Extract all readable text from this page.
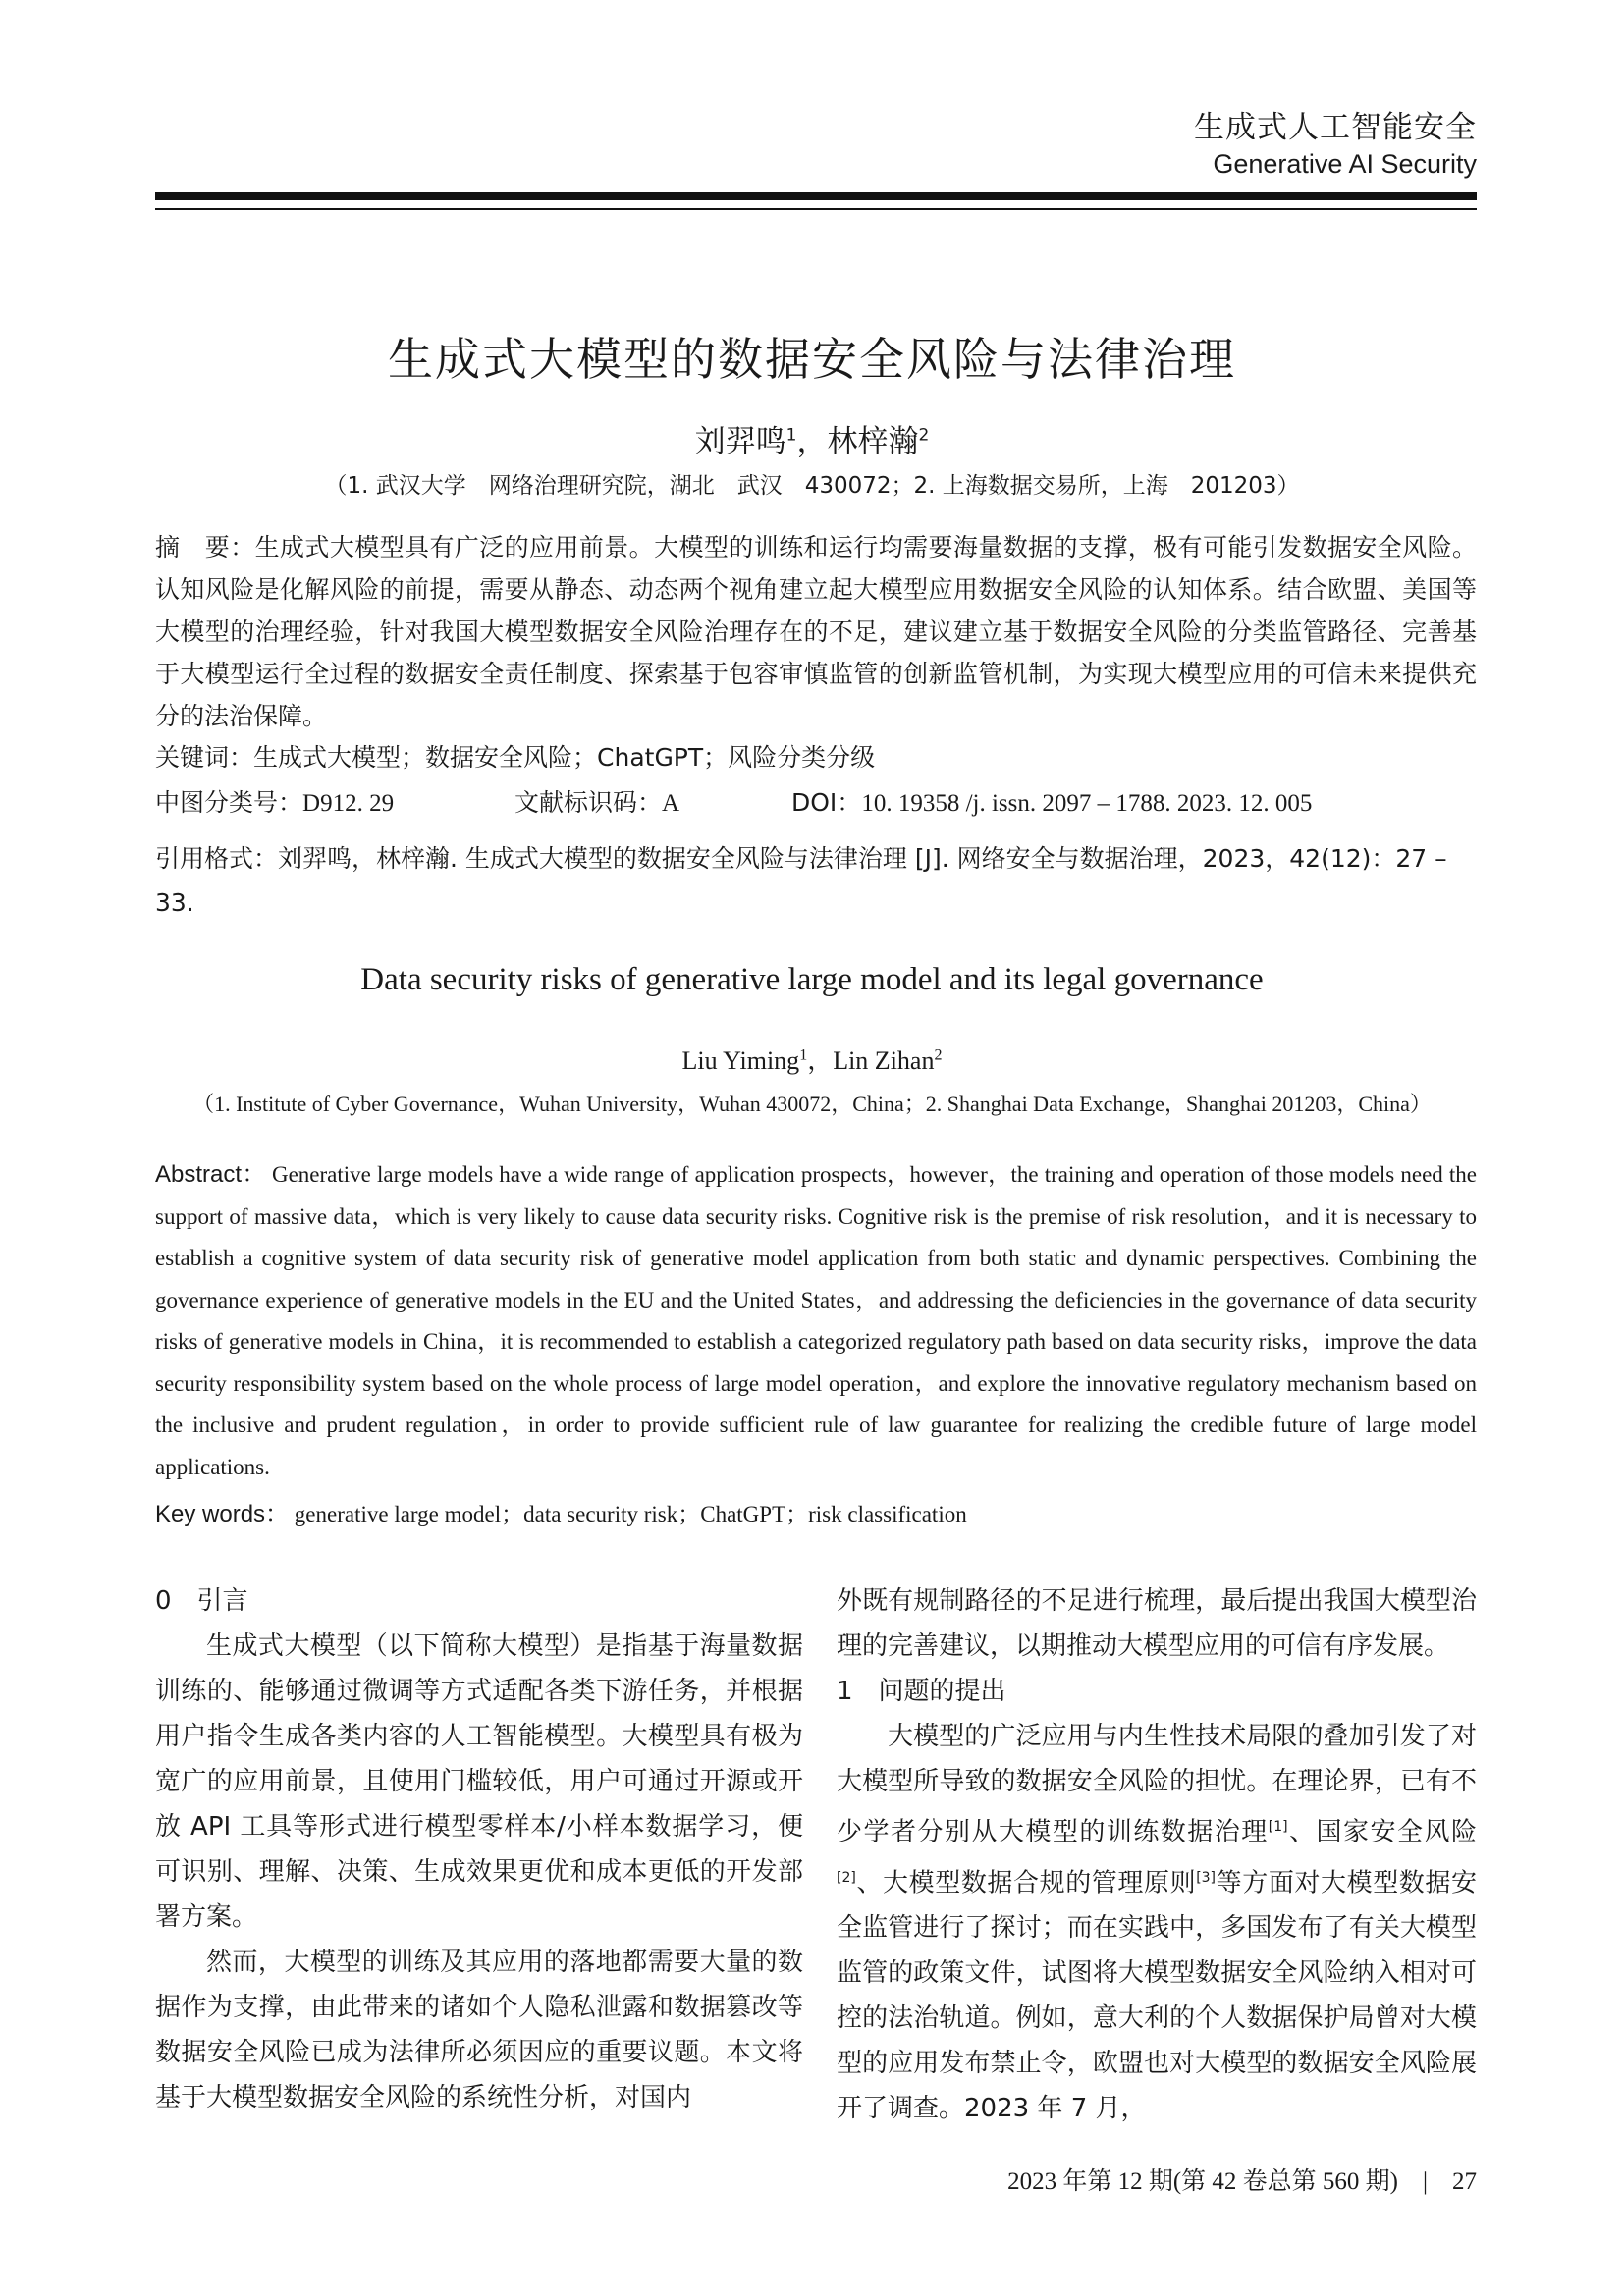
生成式人工智能安全
Generative AI Security
生成式大模型的数据安全风险与法律治理
刘羿鸣$^1$，林梓瀚$^2$
（1. 武汉大学　网络治理研究院，湖北　武汉　430072；2. 上海数据交易所，上海　201203）
摘　要：生成式大模型具有广泛的应用前景。大模型的训练和运行均需要海量数据的支撑，极有可能引发数据安全风险。认知风险是化解风险的前提，需要从静态、动态两个视角建立起大模型应用数据安全风险的认知体系。结合欧盟、美国等大模型的治理经验，针对我国大模型数据安全风险治理存在的不足，建议建立基于数据安全风险的分类监管路径、完善基于大模型运行全过程的数据安全责任制度、探索基于包容审慎监管的创新监管机制，为实现大模型应用的可信未来提供充分的法治保障。
关键词：生成式大模型；数据安全风险；ChatGPT；风险分类分级
中图分类号：D912. 29	文献标识码：A	DOI：10. 19358 /j. issn. 2097 – 1788. 2023. 12. 005
引用格式：刘羿鸣，林梓瀚. 生成式大模型的数据安全风险与法律治理 [J]. 网络安全与数据治理，2023，42(12)：27 – 33.
Data security risks of generative large model and its legal governance
Liu Yiming$^1$，Lin Zihan$^2$
（1. Institute of Cyber Governance，Wuhan University，Wuhan 430072，China；2. Shanghai Data Exchange，Shanghai 201203，China）
Abstract： Generative large models have a wide range of application prospects，however，the training and operation of those models need the support of massive data，which is very likely to cause data security risks. Cognitive risk is the premise of risk resolution，and it is necessary to establish a cognitive system of data security risk of generative model application from both static and dynamic perspectives. Combining the governance experience of generative models in the EU and the United States，and addressing the deficiencies in the governance of data security risks of generative models in China，it is recommended to establish a categorized regulatory path based on data security risks，improve the data security responsibility system based on the whole process of large model operation，and explore the innovative regulatory mechanism based on the inclusive and prudent regulation，in order to provide sufficient rule of law guarantee for realizing the credible future of large model applications.
Key words： generative large model；data security risk；ChatGPT；risk classification

0　引言

生成式大模型（以下简称大模型）是指基于海量数据训练的、能够通过微调等方式适配各类下游任务，并根据用户指令生成各类内容的人工智能模型。大模型具有极为宽广的应用前景，且使用门槛较低，用户可通过开源或开放 API 工具等形式进行模型零样本/小样本数据学习，便可识别、理解、决策、生成效果更优和成本更低的开发部署方案。

然而，大模型的训练及其应用的落地都需要大量的数据作为支撑，由此带来的诸如个人隐私泄露和数据篡改等数据安全风险已成为法律所必须因应的重要议题。本文将基于大模型数据安全风险的系统性分析，对国内

外既有规制路径的不足进行梳理，最后提出我国大模型治理的完善建议，以期推动大模型应用的可信有序发展。

1　问题的提出

大模型的广泛应用与内生性技术局限的叠加引发了对大模型所导致的数据安全风险的担忧。在理论界，已有不少学者分别从大模型的训练数据治理[1]、国家安全风险[2]、大模型数据合规的管理原则[3]等方面对大模型数据安全监管进行了探讨；而在实践中，多国发布了有关大模型监管的政策文件，试图将大模型数据安全风险纳入相对可控的法治轨道。例如，意大利的个人数据保护局曾对大模型的应用发布禁止令，欧盟也对大模型的数据安全风险展开了调查。2023 年 7 月，

2023 年第 12 期(第 42 卷总第 560 期)　|　27
